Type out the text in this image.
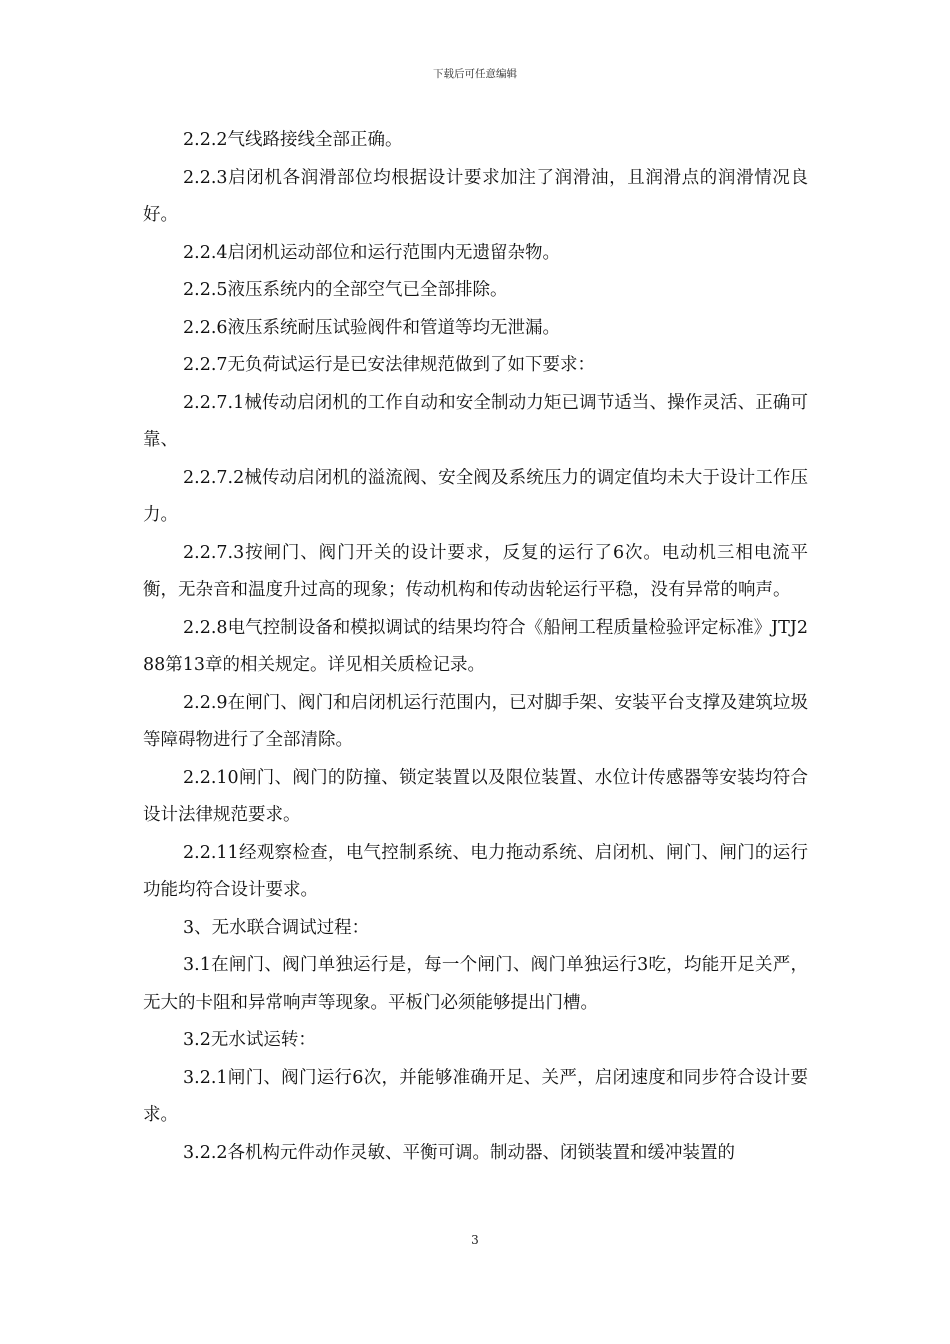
下载后可任意编辑

2.2.2气线路接线全部正确。

2.2.3启闭机各润滑部位均根据设计要求加注了润滑油，且润滑点的润滑情况良好。

2.2.4启闭机运动部位和运行范围内无遗留杂物。

2.2.5液压系统内的全部空气已全部排除。

2.2.6液压系统耐压试验阀件和管道等均无泄漏。

2.2.7无负荷试运行是已安法律规范做到了如下要求：

2.2.7.1械传动启闭机的工作自动和安全制动力矩已调节适当、操作灵活、正确可靠、

2.2.7.2械传动启闭机的溢流阀、安全阀及系统压力的调定值均未大于设计工作压力。

2.2.7.3按闸门、阀门开关的设计要求，反复的运行了6次。电动机三相电流平衡，无杂音和温度升过高的现象；传动机构和传动齿轮运行平稳，没有异常的响声。

2.2.8电气控制设备和模拟调试的结果均符合《船闸工程质量检验评定标准》JTJ288第13章的相关规定。详见相关质检记录。

2.2.9在闸门、阀门和启闭机运行范围内，已对脚手架、安装平台支撑及建筑垃圾等障碍物进行了全部清除。

2.2.10闸门、阀门的防撞、锁定装置以及限位装置、水位计传感器等安装均符合设计法律规范要求。

2.2.11经观察检查，电气控制系统、电力拖动系统、启闭机、闸门、闸门的运行功能均符合设计要求。

3、无水联合调试过程：

3.1在闸门、阀门单独运行是，每一个闸门、阀门单独运行3吃，均能开足关严，无大的卡阻和异常响声等现象。平板门必须能够提出门槽。

3.2无水试运转：

3.2.1闸门、阀门运行6次，并能够准确开足、关严，启闭速度和同步符合设计要求。

3.2.2各机构元件动作灵敏、平衡可调。制动器、闭锁装置和缓冲装置的

3
